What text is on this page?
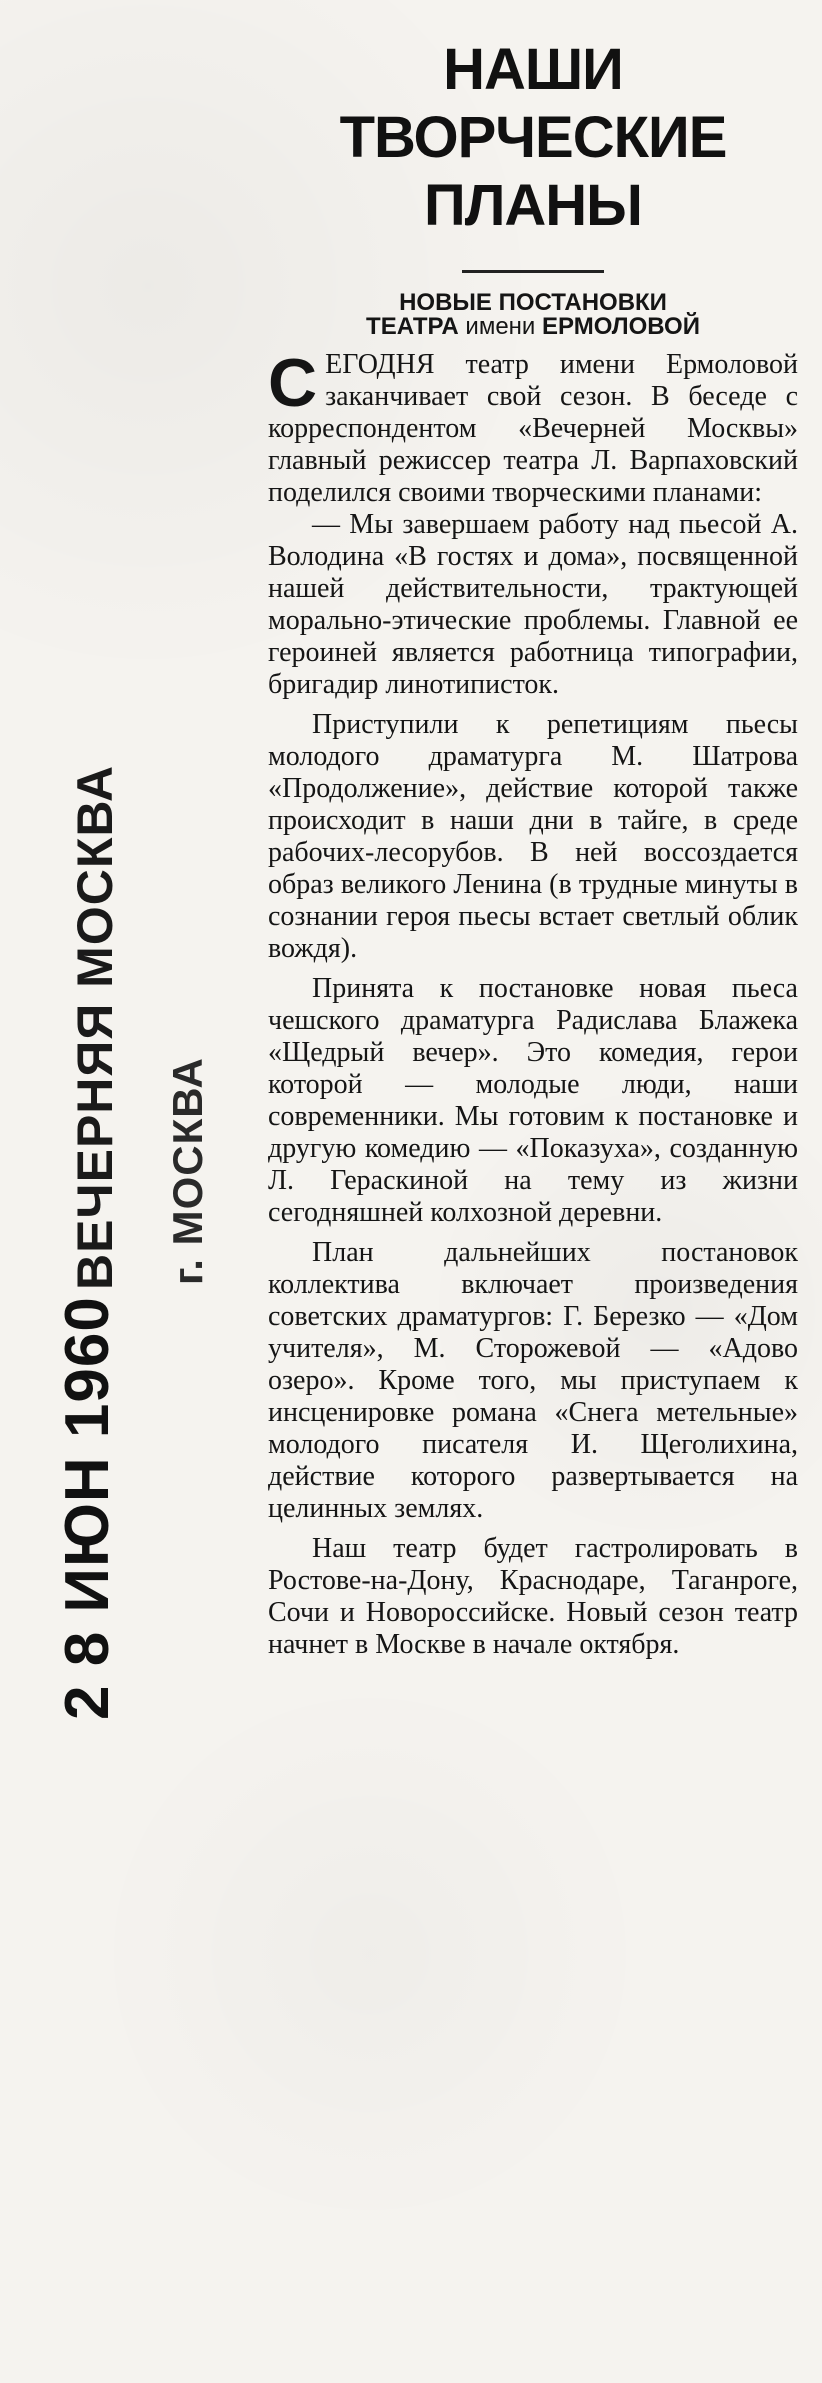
ВЕЧЕРНЯЯ МОСКВА г. МОСКВА
2 8 ИЮН 1960
НАШИ
ТВОРЧЕСКИЕ
ПЛАНЫ

НОВЫЕ ПОСТАНОВКИ

ТЕАТРА имени ЕРМОЛОВОЙ

СЕГОДНЯ театр имени Ермоловой заканчивает свой сезон. В беседе с корреспондентом «Вечерней Москвы» главный режиссер театра Л. Варпаховский поделился своими творческими планами:

— Мы завершаем работу над пьесой А. Володина «В гостях и дома», посвященной нашей действительности, трактующей морально-этические проблемы. Главной ее героиней является работница типографии, бригадир линотиписток.

Приступили к репетициям пьесы молодого драматурга М. Шатрова «Продолжение», действие которой также происходит в наши дни в тайге, в среде рабочих-лесорубов. В ней воссоздается образ великого Ленина (в трудные минуты в сознании героя пьесы встает светлый облик вождя).

Принята к постановке новая пьеса чешского драматурга Радислава Блажека «Щедрый вечер». Это комедия, герои которой — молодые люди, наши современники. Мы готовим к постановке и другую комедию — «Показуха», созданную Л. Гераскиной на тему из жизни сегодняшней колхозной деревни.

План дальнейших постановок коллектива включает произведения советских драматургов: Г. Березко — «Дом учителя», М. Сторожевой — «Адово озеро». Кроме того, мы приступаем к инсценировке романа «Снега метельные» молодого писателя И. Щеголихина, действие которого развертывается на целинных землях.

Наш театр будет гастролировать в Ростове-на-Дону, Краснодаре, Таганроге, Сочи и Новороссийске. Новый сезон театр начнет в Москве в начале октября.
